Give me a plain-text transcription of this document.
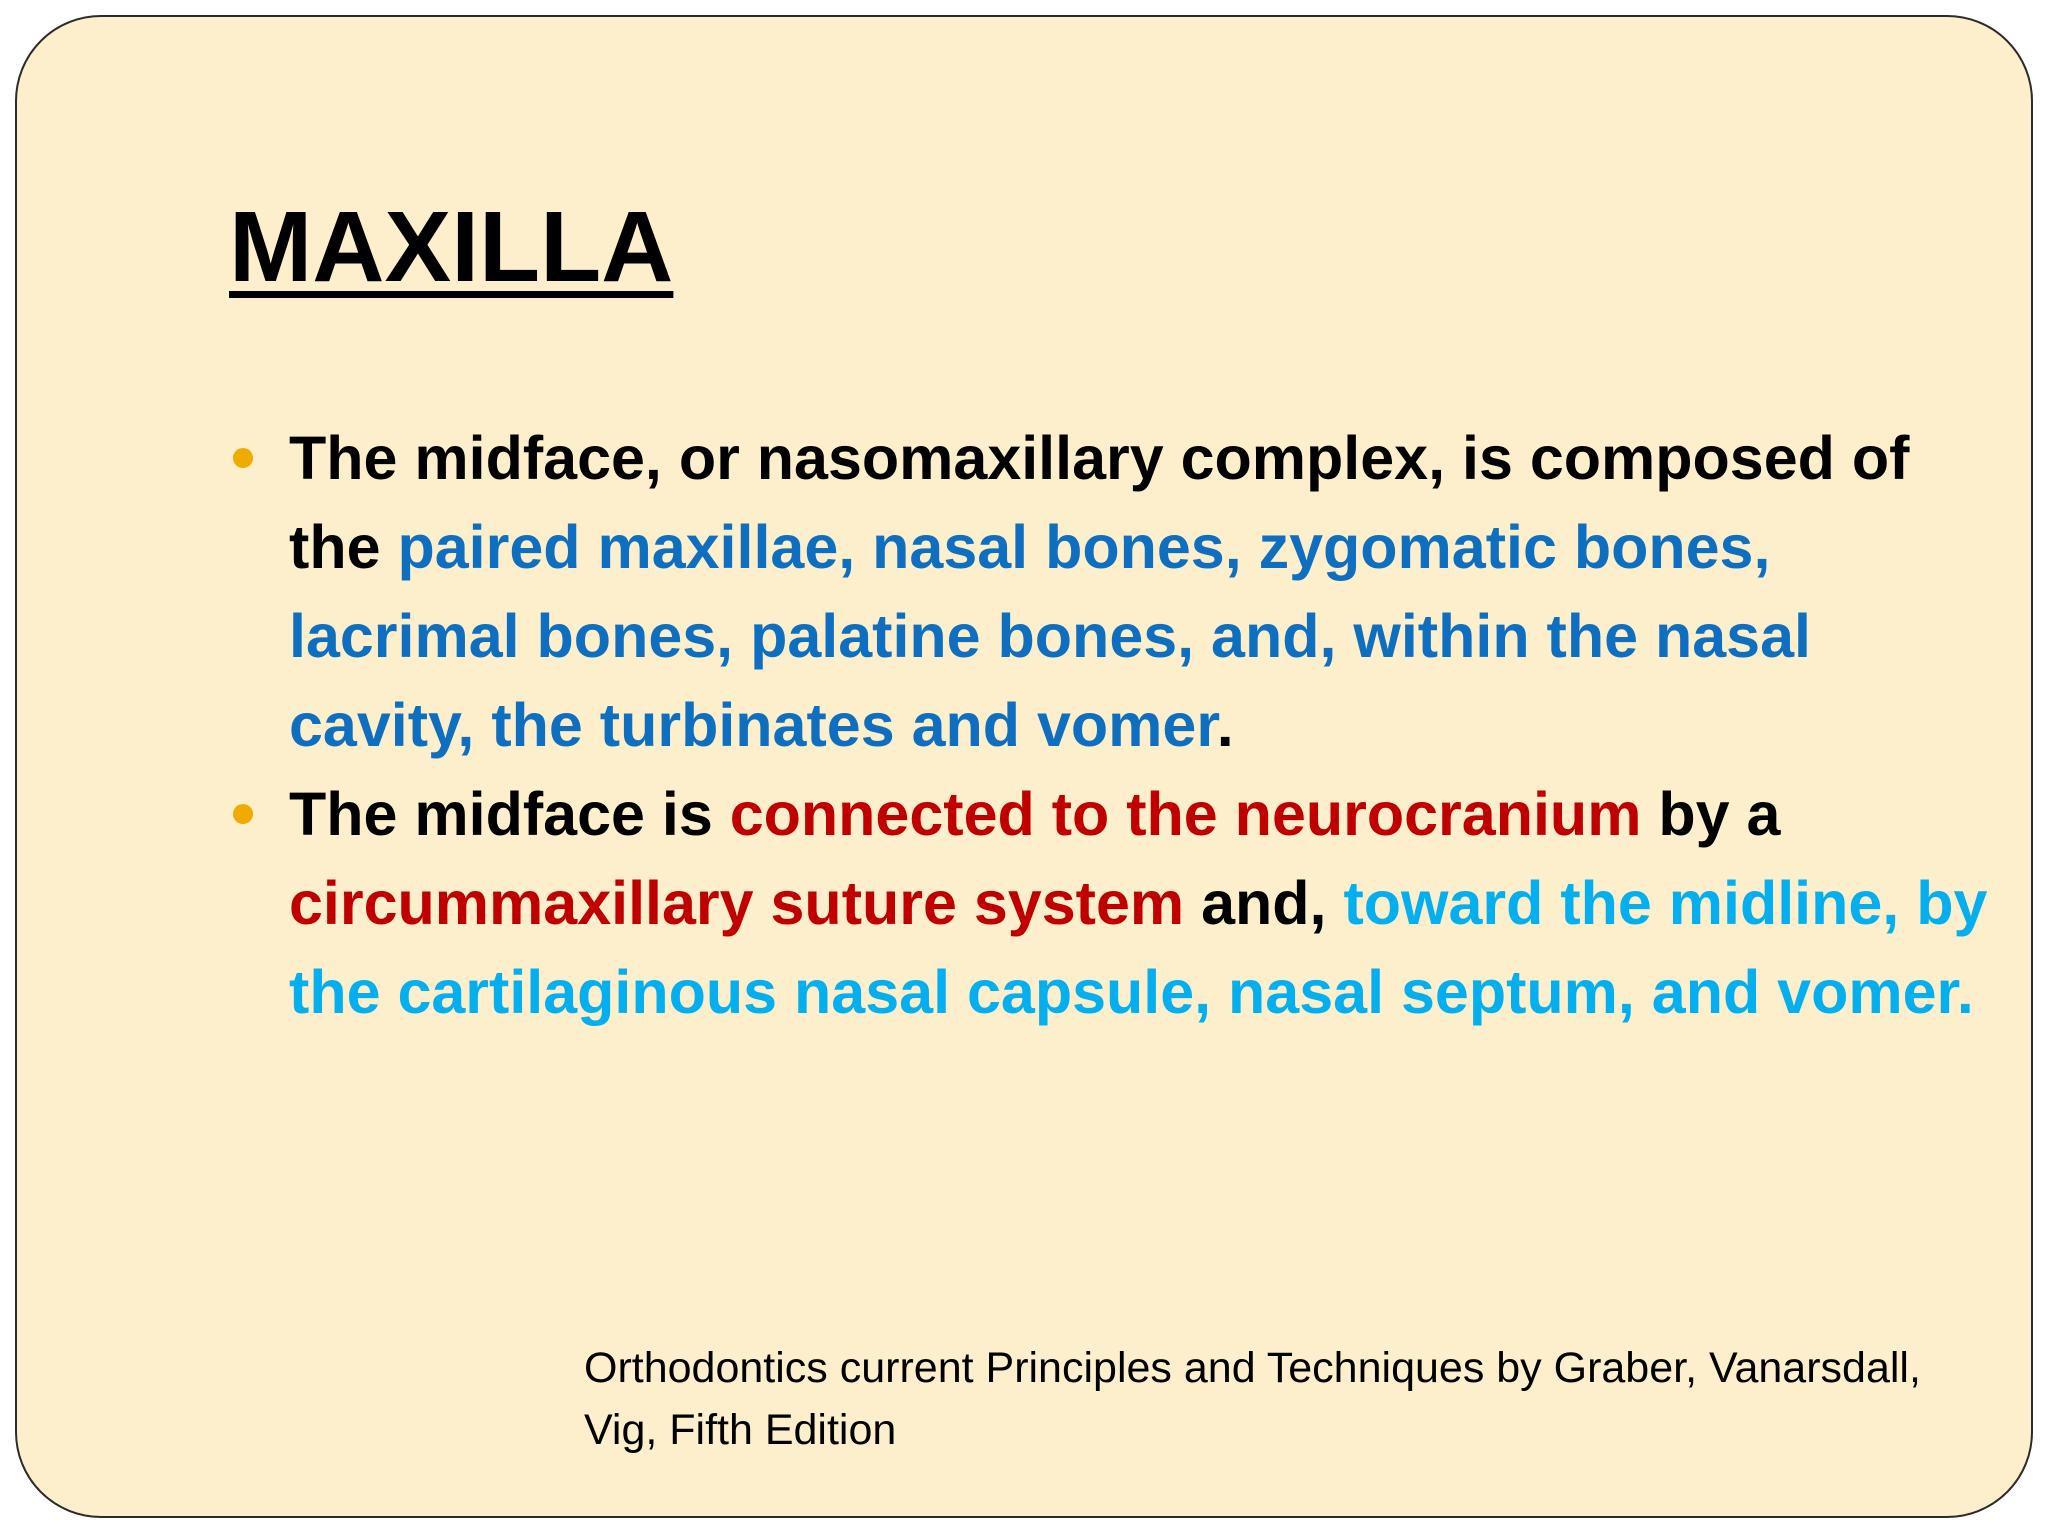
MAXILLA
The midface, or nasomaxillary complex, is composed of the paired maxillae, nasal bones, zygomatic bones, lacrimal bones, palatine bones, and, within the nasal cavity, the turbinates and vomer.
The midface is connected to the neurocranium by a circummaxillary suture system and, toward the midline, by the cartilaginous nasal capsule, nasal septum, and vomer.

Orthodontics current Principles and Techniques by Graber, Vanarsdall, Vig, Fifth Edition
